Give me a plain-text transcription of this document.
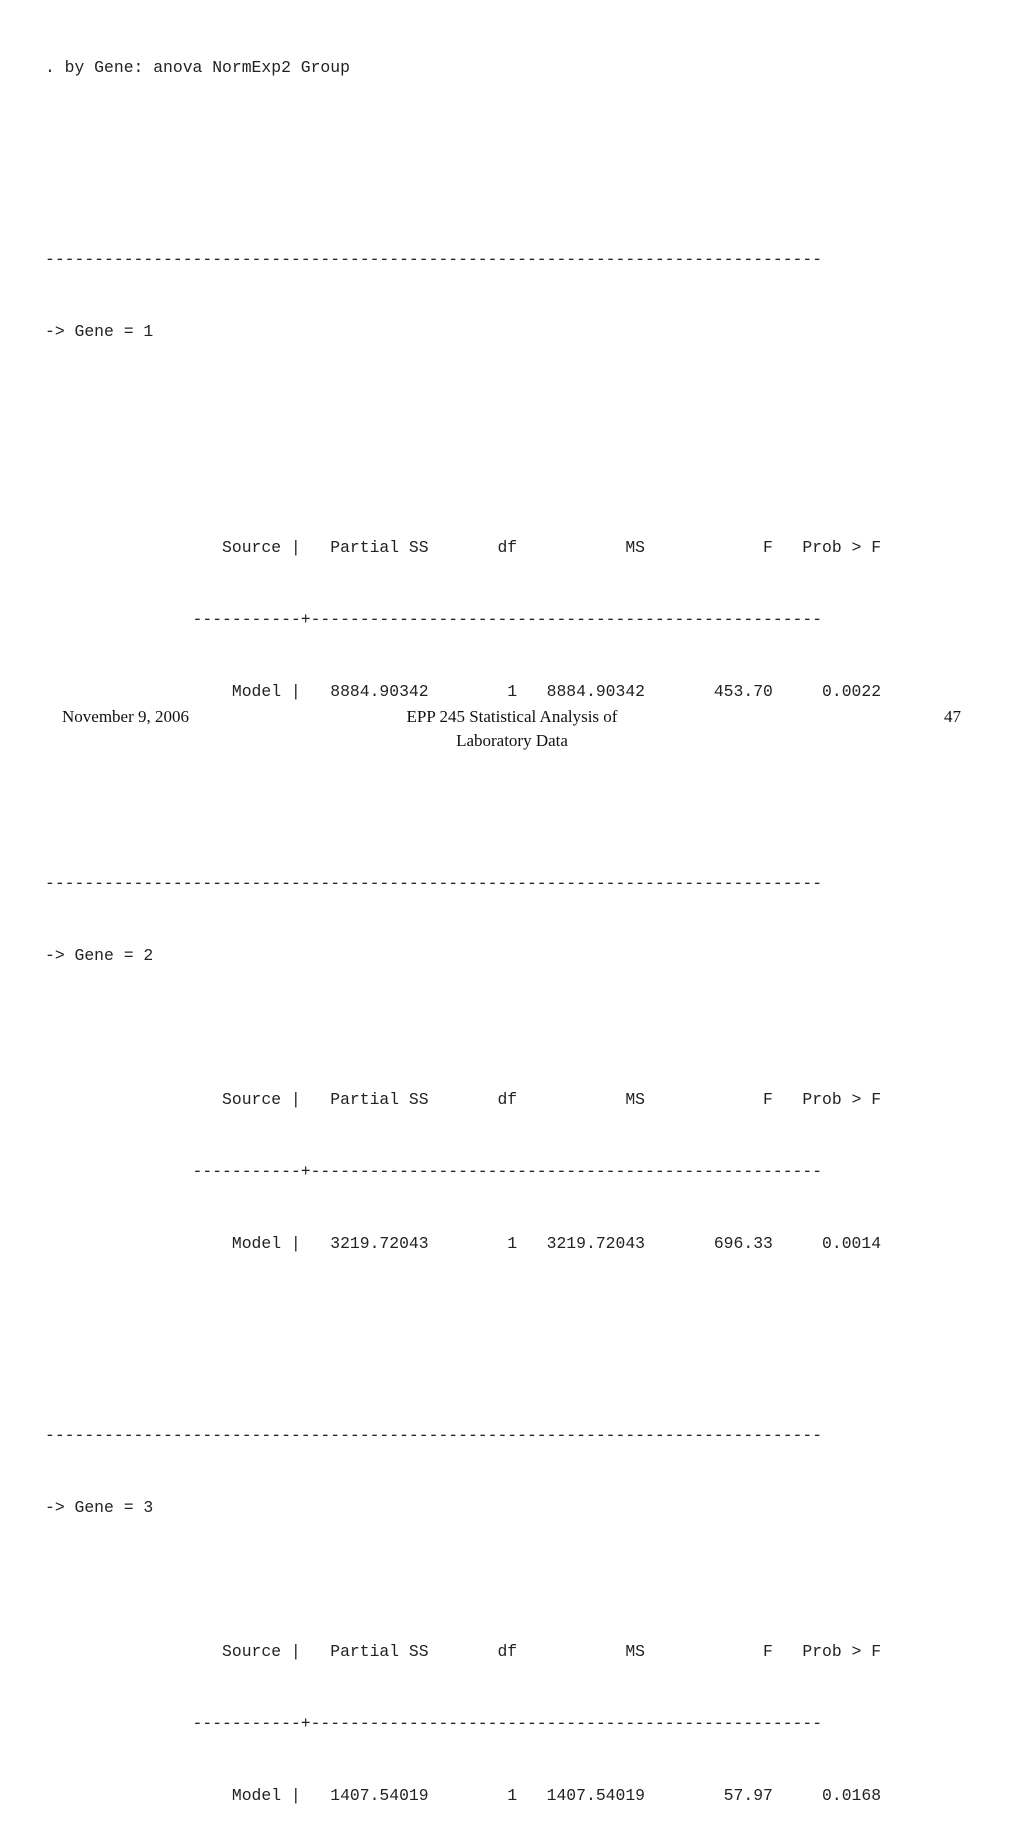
. by Gene: anova NormExp2 Group

-------------------------------------------------------------------------------

-> Gene = 1

Source |   Partial SS       df           MS            F   Prob > F

-----------+----------------------------------------------------

Model |   8884.90342        1   8884.90342       453.70     0.0022

-------------------------------------------------------------------------------

-> Gene = 2

Source |   Partial SS       df           MS            F   Prob > F

-----------+----------------------------------------------------

Model |   3219.72043        1   3219.72043       696.33     0.0014

-------------------------------------------------------------------------------

-> Gene = 3

Source |   Partial SS       df           MS            F   Prob > F

-----------+----------------------------------------------------

Model |   1407.54019        1   1407.54019        57.97     0.0168

November 9, 2006	EPP 245 Statistical Analysis of
Laboratory Data
47
